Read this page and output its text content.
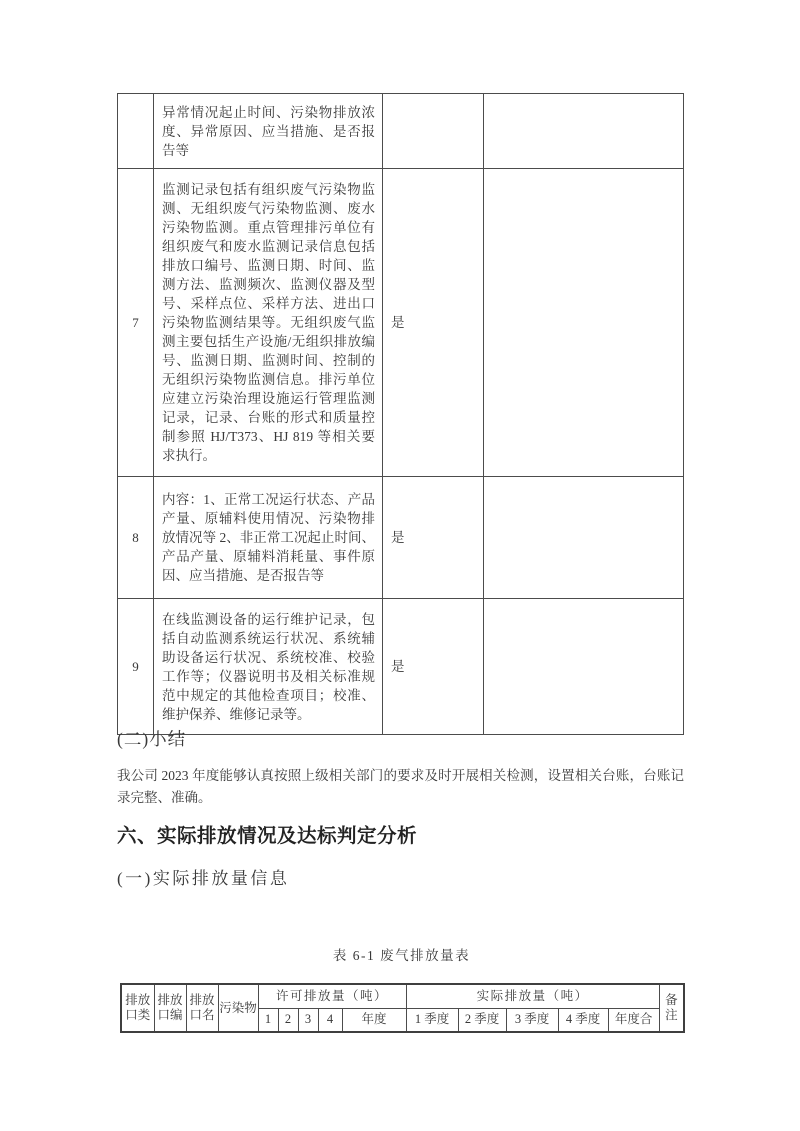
	异常情况起止时间、污染物排放浓度、异常原因、应当措施、是否报告等		
7	监测记录包括有组织废气污染物监测、无组织废气污染物监测、废水污染物监测。重点管理排污单位有组织废气和废水监测记录信息包括排放口编号、监测日期、时间、监测方法、监测频次、监测仪器及型号、采样点位、采样方法、进出口污染物监测结果等。无组织废气监测主要包括生产设施/无组织排放编号、监测日期、监测时间、控制的无组织污染物监测信息。排污单位应建立污染治理设施运行管理监测记录，记录、台账的形式和质量控制参照 HJ/T373、HJ 819 等相关要求执行。	是	
8	内容：1、正常工况运行状态、产品产量、原辅料使用情况、污染物排放情况等 2、非正常工况起止时间、产品产量、原辅料消耗量、事件原因、应当措施、是否报告等	是	
9	在线监测设备的运行维护记录，包括自动监测系统运行状况、系统辅助设备运行状况、系统校准、校验工作等；仪器说明书及相关标准规范中规定的其他检查项目；校准、维护保养、维修记录等。	是	
(二)小结
我公司 2023 年度能够认真按照上级相关部门的要求及时开展相关检测，设置相关台账，台账记录完整、准确。
六、实际排放情况及达标判定分析
(一)实际排放量信息
表 6-1 废气排放量表
排放口类	排放口编	排放口名	污染物	许可排放量（吨）					实际排放量（吨）					备注
				1	2	3	4	年度	1 季度	2 季度	3 季度	4 季度	年度合	
